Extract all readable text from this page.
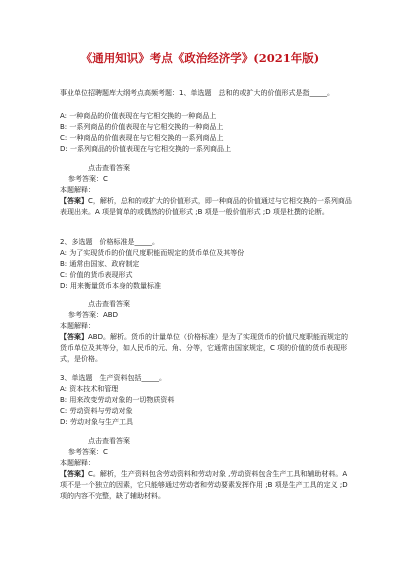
《通用知识》考点《政治经济学》(2021年版)
事业单位招聘题库大纲考点高频考题：1、单选题　总和的或扩大的价值形式是指_____。
A: 一种商品的价值表现在与它相交换的一种商品上
B: 一系列商品的价值表现在与它相交换的一种商品上
C: 一种商品的价值表现在与它相交换的一系列商品上
D: 一系列商品的价值表现在与它相交换的一系列商品上
点击查看答案
参考答案：C
本题解释：
【答案】C，解析，总和的或扩大的价值形式，即一种商品的价值通过与它相交换的一系列商品表现出来。A 项是简单的或偶然的价值形式 ;B 项是一般价值形式 ;D 项是杜撰的论断。
2、多选题　价格标准是_____。
A: 为了实现货币的价值尺度职能而规定的货币单位及其等份
B: 通常由国家、政府制定
C: 价值的货币表现形式
D: 用来衡量货币本身的数量标准
点击查看答案
参考答案：ABD
本题解释：
【答案】ABD。解析。货币的计量单位（价格标准）是为了实现货币的价值尺度职能而规定的货币单位及其等分，如人民币的元、角、分等，它通常由国家规定，C 项的价值的货币表现形式，是价格。
3、单选题　生产资料包括_____。
A: 资本技术和管理
B: 用来改变劳动对象的一切物质资料
C: 劳动资料与劳动对象
D: 劳动对象与生产工具
点击查看答案
参考答案：C
本题解释：
【答案】C。解析，生产资料包含劳动资料和劳动对象 ,劳动资料包含生产工具和辅助材料。A 项不是一个独立的因素，它只能够通过劳动者和劳动要素发挥作用 ;B 项是生产工具的定义 ;D 项的内容不完整，缺了辅助材料。
